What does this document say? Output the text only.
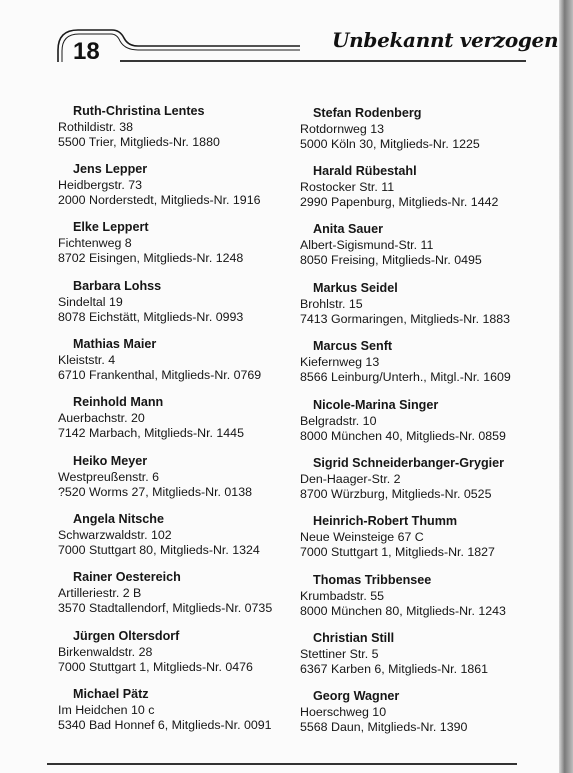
18	Unbekannt verzogen
Ruth-Christina Lentes
Rothildistr. 38
5500 Trier, Mitglieds-Nr. 1880
Jens Lepper
Heidbergstr. 73
2000 Norderstedt, Mitglieds-Nr. 1916
Elke Leppert
Fichtenweg 8
8702 Eisingen, Mitglieds-Nr. 1248
Barbara Lohss
Sindeltal 19
8078 Eichstätt, Mitglieds-Nr. 0993
Mathias Maier
Kleiststr. 4
6710 Frankenthal, Mitglieds-Nr. 0769
Reinhold Mann
Auerbachstr. 20
7142 Marbach, Mitglieds-Nr. 1445
Heiko Meyer
Westpreußenstr. 6
?520 Worms 27, Mitglieds-Nr. 0138
Angela Nitsche
Schwarzwaldstr. 102
7000 Stuttgart 80, Mitglieds-Nr. 1324
Rainer Oestereich
Artilleriestr. 2 B
3570 Stadtallendorf, Mitglieds-Nr. 0735
Jürgen Oltersdorf
Birkenwaldstr. 28
7000 Stuttgart 1, Mitglieds-Nr. 0476
Michael Pätz
Im Heidchen 10 c
5340 Bad Honnef 6, Mitglieds-Nr. 0091
Stefan Rodenberg
Rotdornweg 13
5000 Köln 30, Mitglieds-Nr. 1225
Harald Rübestahl
Rostocker Str. 11
2990 Papenburg, Mitglieds-Nr. 1442
Anita Sauer
Albert-Sigismund-Str. 11
8050 Freising, Mitglieds-Nr. 0495
Markus Seidel
Brohlstr. 15
7413 Gormaringen, Mitglieds-Nr. 1883
Marcus Senft
Kiefernweg 13
8566 Leinburg/Unterh., Mitgl.-Nr. 1609
Nicole-Marina Singer
Belgradstr. 10
8000 München 40, Mitglieds-Nr. 0859
Sigrid Schneiderbanger-Grygier
Den-Haager-Str. 2
8700 Würzburg, Mitglieds-Nr. 0525
Heinrich-Robert Thumm
Neue Weinsteige 67 C
7000 Stuttgart 1, Mitglieds-Nr. 1827
Thomas Tribbensee
Krumbadstr. 55
8000 München 80, Mitglieds-Nr. 1243
Christian Still
Stettiner Str. 5
6367 Karben 6, Mitglieds-Nr. 1861
Georg Wagner
Hoerschweg 10
5568 Daun, Mitglieds-Nr. 1390
